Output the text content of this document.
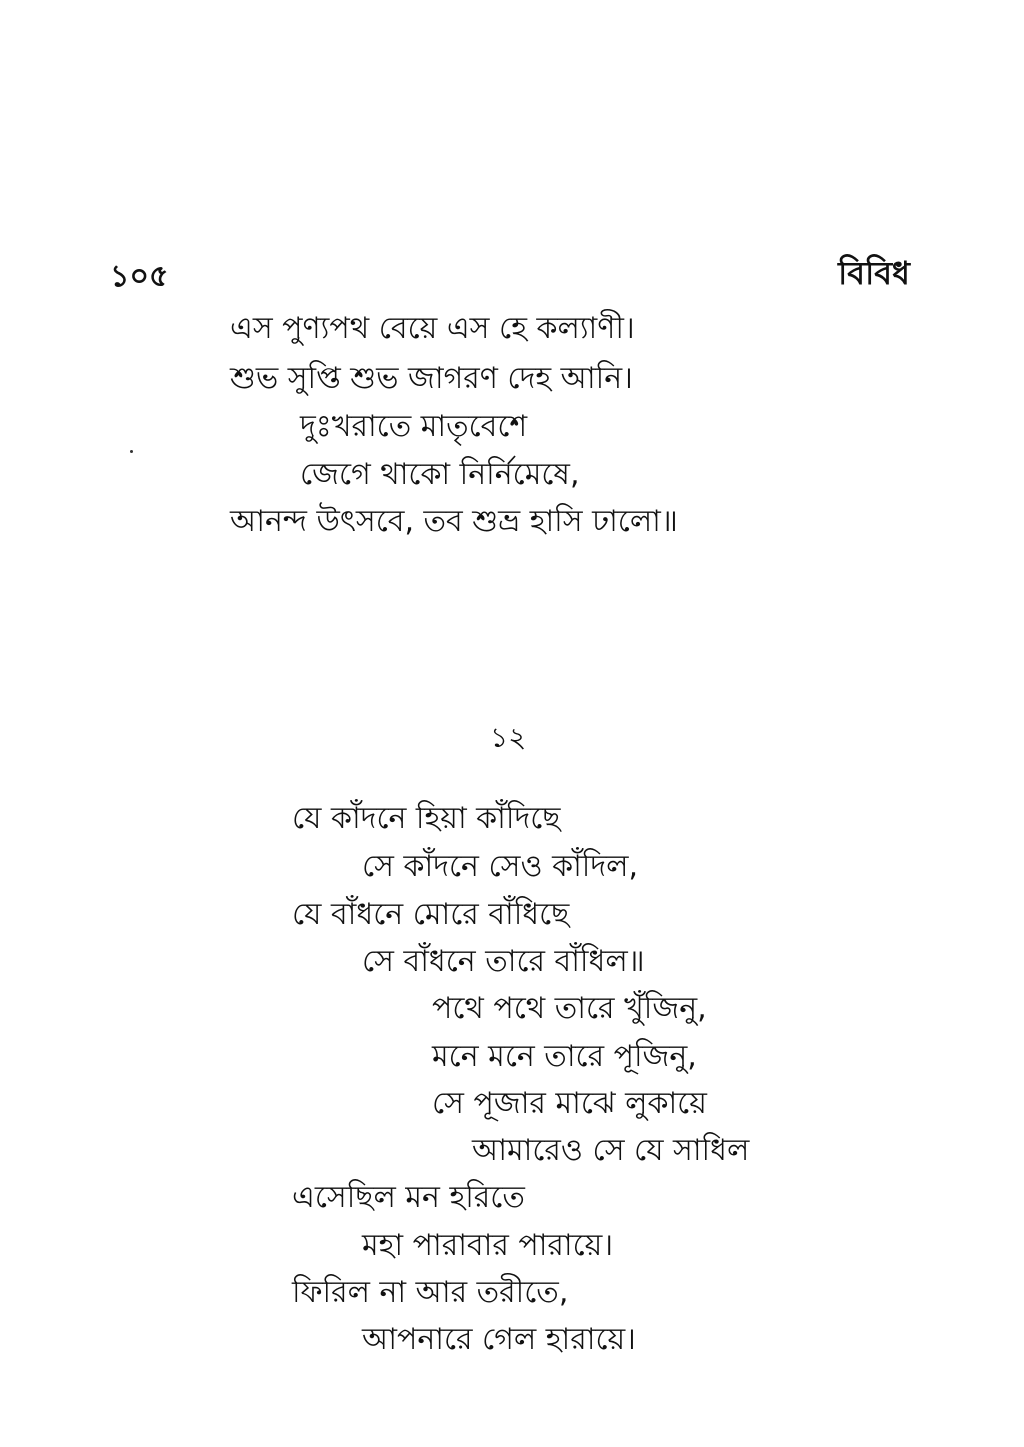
১০৫	বিবিধ
এস পুণ্যপথ বেয়ে এস হে কল্যাণী।
শুভ সুপ্তি শুভ জাগরণ দেহ আনি।
দুঃখরাতে মাতৃবেশে
জেগে থাকো নির্নিমেষে,
আনন্দ উৎসবে, তব শুভ্র হাসি ঢালো॥
১২
যে কাঁদনে হিয়া কাঁদিছে
সে কাঁদনে সেও কাঁদিল,
যে বাঁধনে মোরে বাঁধিছে
সে বাঁধনে তারে বাঁধিল॥
পথে পথে তারে খুঁজিনু,
মনে মনে তারে পূজিনু,
সে পূজার মাঝে লুকায়ে
আমারেও সে যে সাধিল
এসেছিল মন হরিতে
মহা পারাবার পারায়ে।
ফিরিল না আর তরীতে,
আপনারে গেল হারায়ে।
